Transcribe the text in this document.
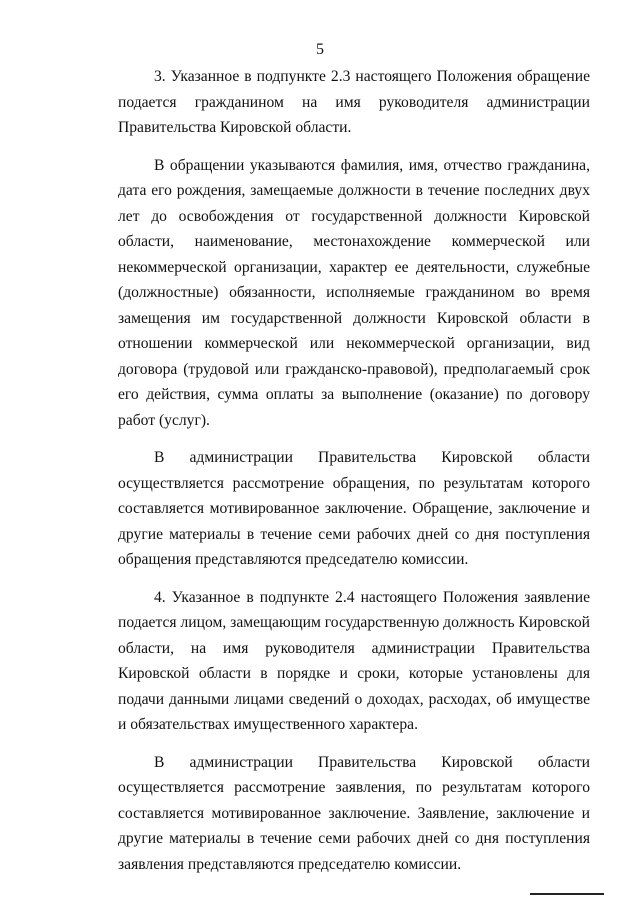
5

3. Указанное в подпункте 2.3 настоящего Положения обращение подается гражданином на имя руководителя администрации Правительства Кировской области.

В обращении указываются фамилия, имя, отчество гражданина, дата его рождения, замещаемые должности в течение последних двух лет до освобождения от государственной должности Кировской области, наименование, местонахождение коммерческой или некоммерческой организации, характер ее деятельности, служебные (должностные) обязанности, исполняемые гражданином во время замещения им государственной должности Кировской области в отношении коммерческой или некоммерческой организации, вид договора (трудовой или гражданско-правовой), предполагаемый срок его действия, сумма оплаты за выполнение (оказание) по договору работ (услуг).

В администрации Правительства Кировской области осуществляется рассмотрение обращения, по результатам которого составляется мотивированное заключение. Обращение, заключение и другие материалы в течение семи рабочих дней со дня поступления обращения представляются председателю комиссии.

4. Указанное в подпункте 2.4 настоящего Положения заявление подается лицом, замещающим государственную должность Кировской области, на имя руководителя администрации Правительства Кировской области в порядке и сроки, которые установлены для подачи данными лицами сведений о доходах, расходах, об имуществе и обязательствах имущественного характера.

В администрации Правительства Кировской области осуществляется рассмотрение заявления, по результатам которого составляется мотивированное заключение. Заявление, заключение и другие материалы в течение семи рабочих дней со дня поступления заявления представляются председателю комиссии.
